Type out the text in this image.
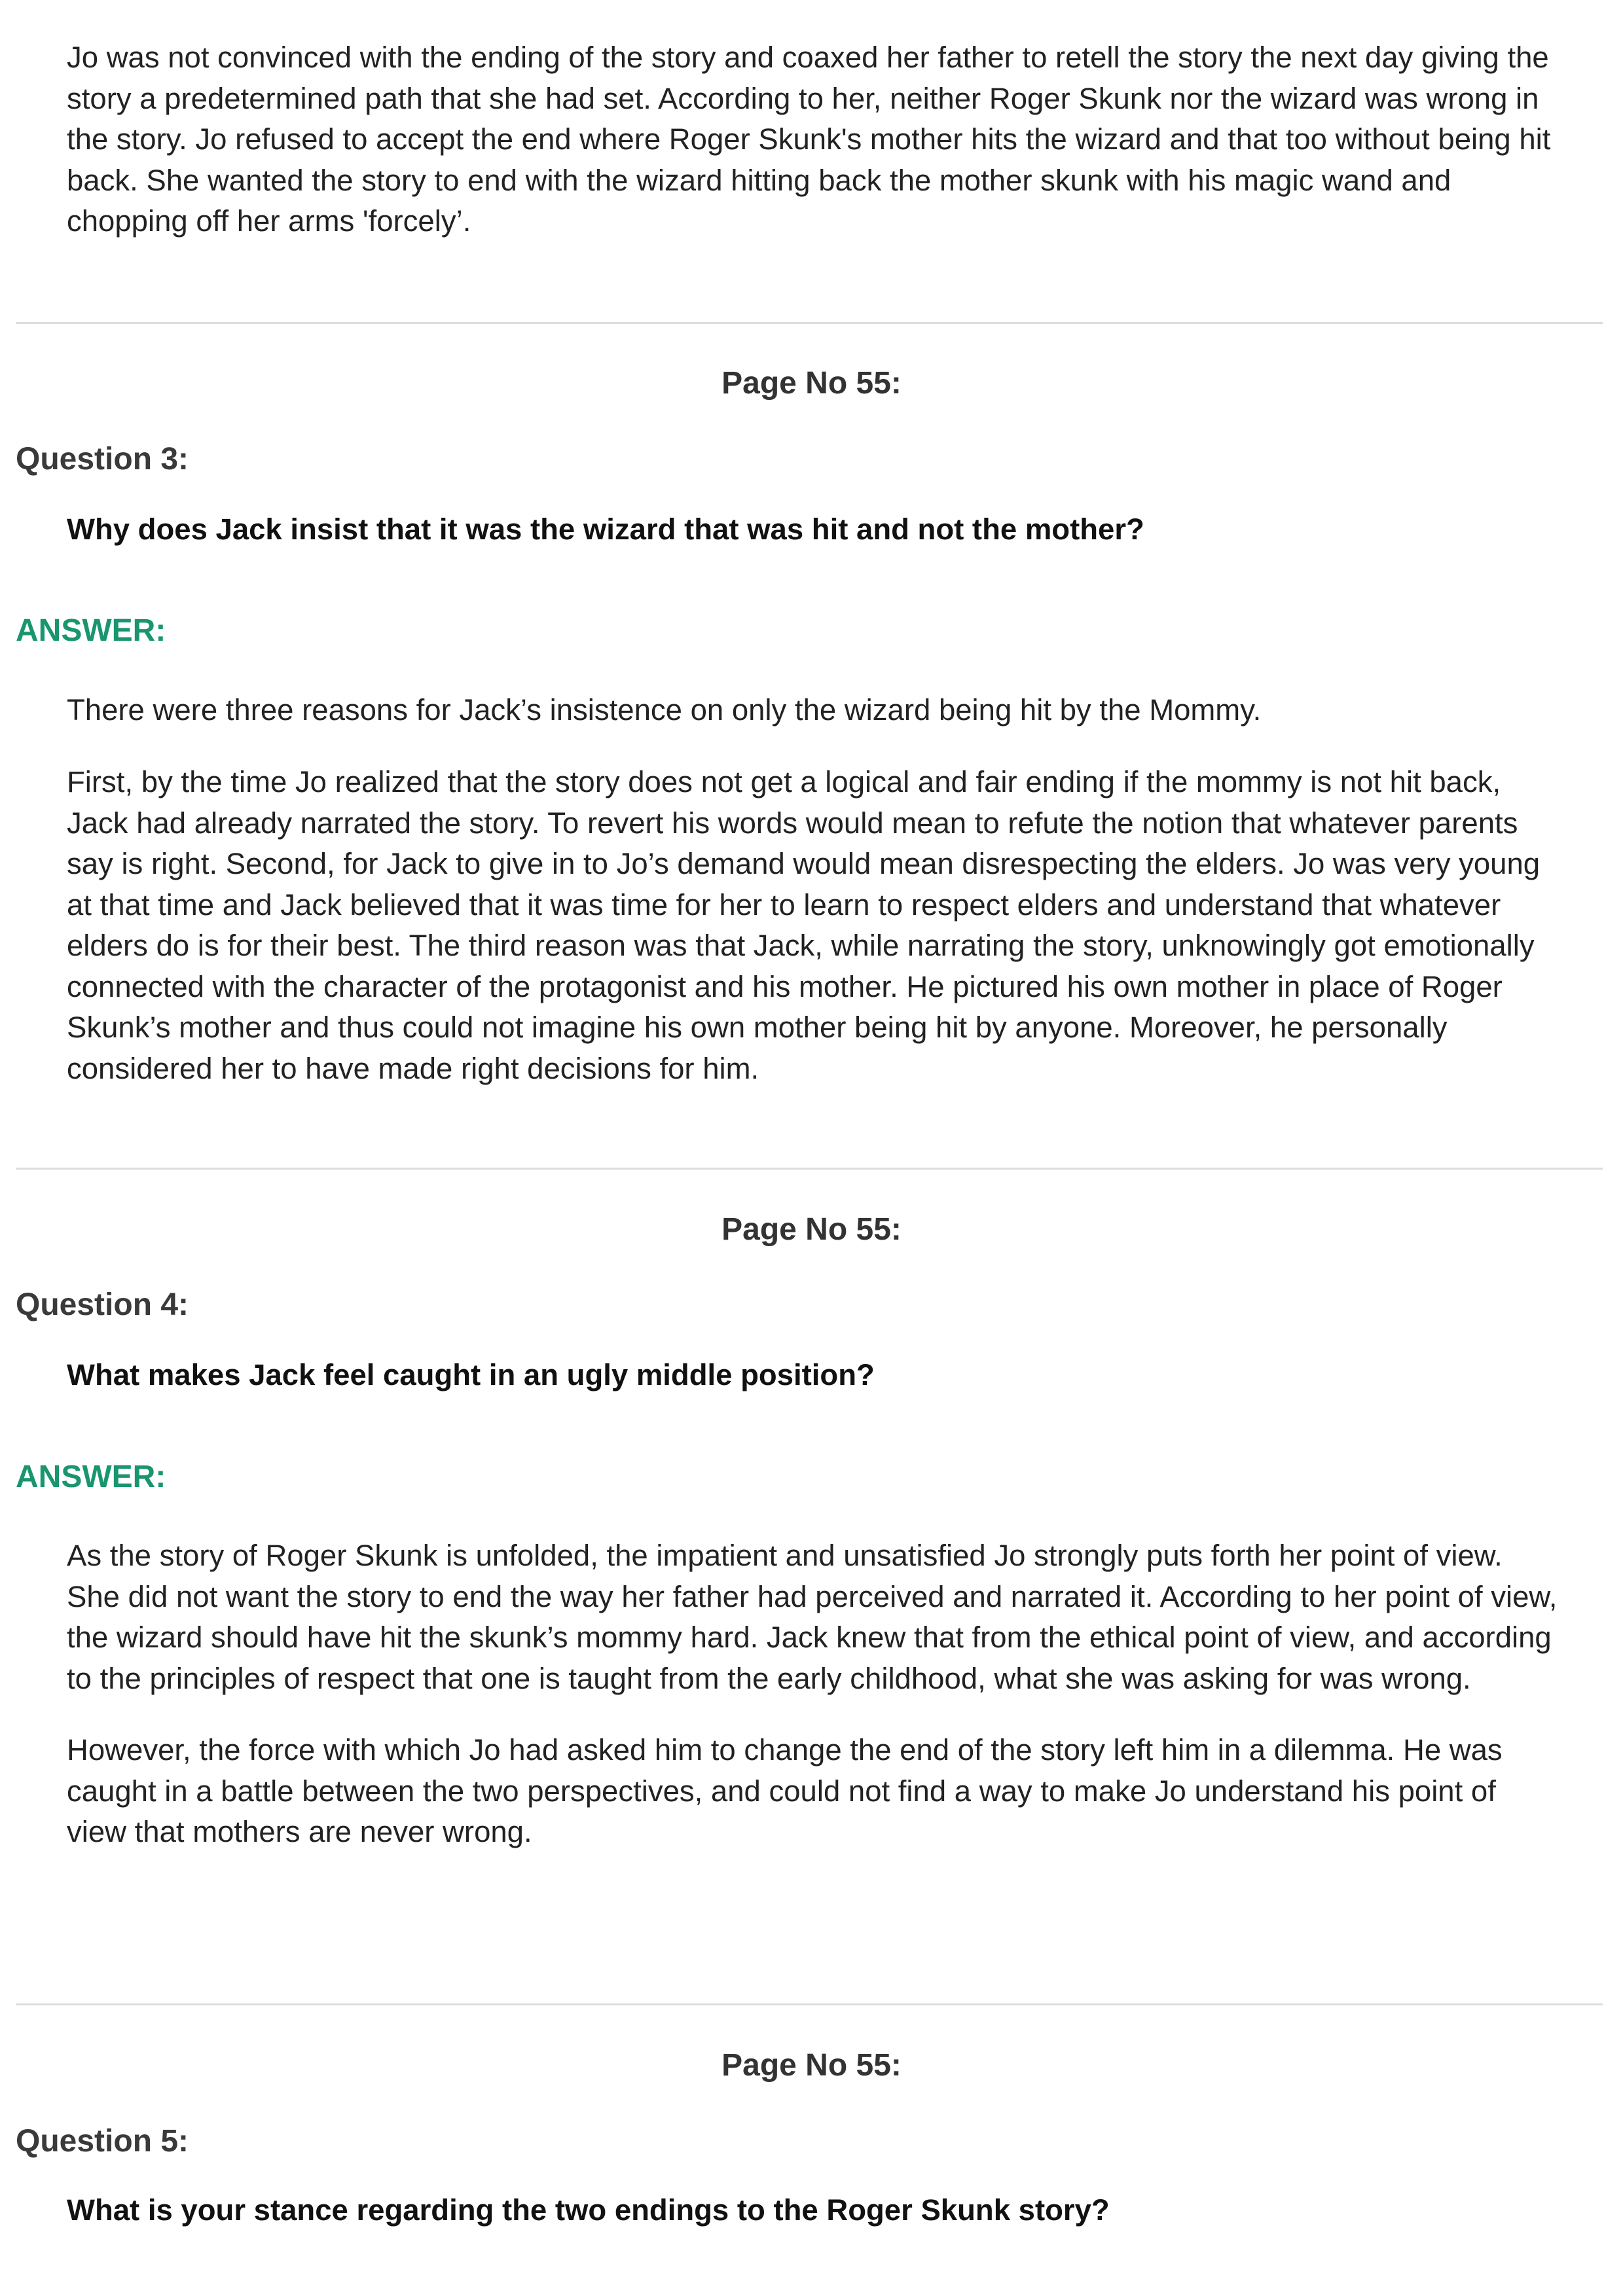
Jo was not convinced with the ending of the story and coaxed her father to retell the story the next day giving the
story a predetermined path that she had set. According to her, neither Roger Skunk nor the wizard was wrong in
the story. Jo refused to accept the end where Roger Skunk's mother hits the wizard and that too without being hit
back. She wanted the story to end with the wizard hitting back the mother skunk with his magic wand and
chopping off her arms 'forcely’.

Page No 55:

Question 3:

Why does Jack insist that it was the wizard that was hit and not the mother?

ANSWER:

There were three reasons for Jack’s insistence on only the wizard being hit by the Mommy.
First, by the time Jo realized that the story does not get a logical and fair ending if the mommy is not hit back,
Jack had already narrated the story. To revert his words would mean to refute the notion that whatever parents
say is right. Second, for Jack to give in to Jo’s demand would mean disrespecting the elders. Jo was very young
at that time and Jack believed that it was time for her to learn to respect elders and understand that whatever
elders do is for their best. The third reason was that Jack, while narrating the story, unknowingly got emotionally
connected with the character of the protagonist and his mother. He pictured his own mother in place of Roger
Skunk’s mother and thus could not imagine his own mother being hit by anyone. Moreover, he personally
considered her to have made right decisions for him.

Page No 55:

Question 4:

What makes Jack feel caught in an ugly middle position?

ANSWER:

As the story of Roger Skunk is unfolded, the impatient and unsatisfied Jo strongly puts forth her point of view.
She did not want the story to end the way her father had perceived and narrated it. According to her point of view,
the wizard should have hit the skunk’s mommy hard. Jack knew that from the ethical point of view, and according
to the principles of respect that one is taught from the early childhood, what she was asking for was wrong.
However, the force with which Jo had asked him to change the end of the story left him in a dilemma. He was
caught in a battle between the two perspectives, and could not find a way to make Jo understand his point of
view that mothers are never wrong.

Page No 55:

Question 5:

What is your stance regarding the two endings to the Roger Skunk story?
